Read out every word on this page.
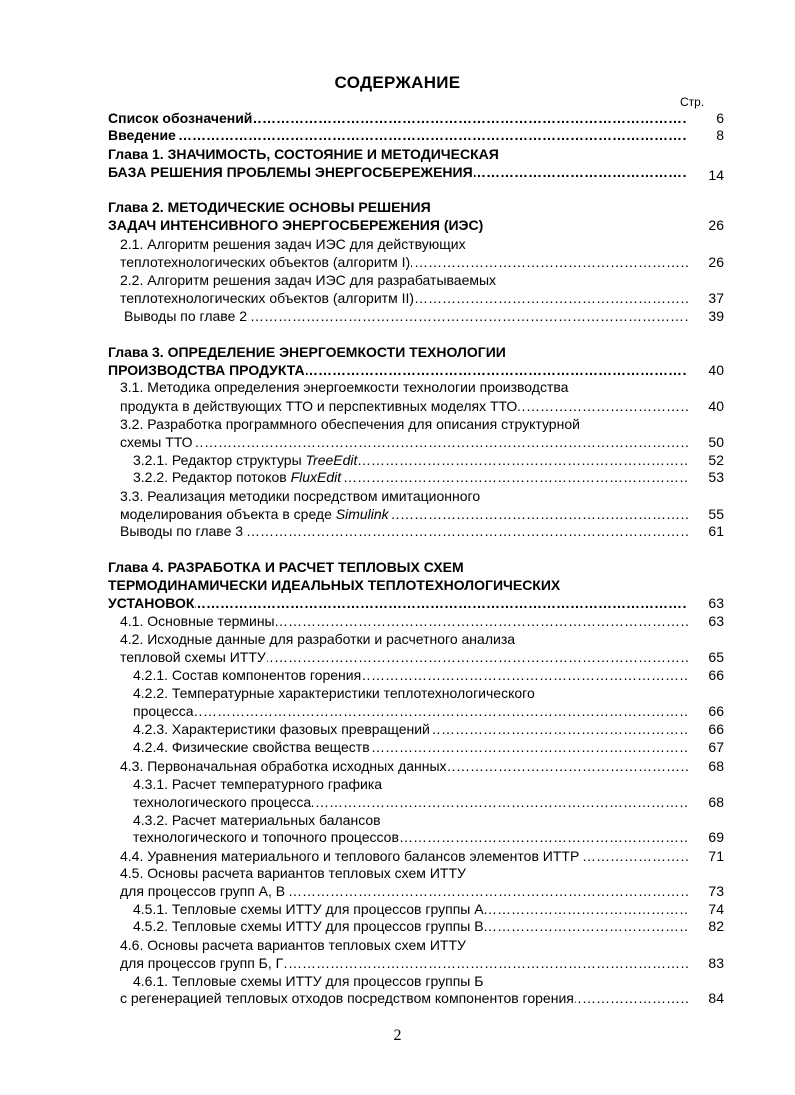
СОДЕРЖАНИЕ
Стр.
Список обозначений …………………………………………………………………………………………………………………………………………………………………………………………………………………………………	6
Введение …………………………………………………………………………………………………………………………………………………………………………………………………………………………………	8
Глава 1. ЗНАЧИМОСТЬ, СОСТОЯНИЕ И МЕТОДИЧЕСКАЯ
БАЗА РЕШЕНИЯ ПРОБЛЕМЫ ЭНЕРГОСБЕРЕЖЕНИЯ …………………………………………………………………………………………………………………………………………………………………………………………………………………………………	14
Глава 2. МЕТОДИЧЕСКИЕ ОСНОВЫ РЕШЕНИЯ
ЗАДАЧ ИНТЕНСИВНОГО ЭНЕРГОСБЕРЕЖЕНИЯ (ИЭС)	26
2.1. Алгоритм решения задач ИЭС для действующих
теплотехнологических объектов (алгоритм I) …………………………………………………………………………………………………………………………………………………………………………………………………………………………………	26
2.2. Алгоритм решения задач ИЭС для разрабатываемых
теплотехнологических объектов (алгоритм II) …………………………………………………………………………………………………………………………………………………………………………………………………………………………………	37
Выводы по главе 2 …………………………………………………………………………………………………………………………………………………………………………………………………………………………………	39
Глава 3. ОПРЕДЕЛЕНИЕ ЭНЕРГОЕМКОСТИ ТЕХНОЛОГИИ
ПРОИЗВОДСТВА ПРОДУКТА …………………………………………………………………………………………………………………………………………………………………………………………………………………………………	40
3.1. Методика определения энергоемкости технологии производства
продукта в действующих ТТО и перспективных моделях ТТО …………………………………………………………………………………………………………………………………………………………………………………………………………………………………	40
3.2. Разработка программного обеспечения для описания структурной
схемы ТТО …………………………………………………………………………………………………………………………………………………………………………………………………………………………………	50
3.2.1. Редактор структуры TreeEdit …………………………………………………………………………………………………………………………………………………………………………………………………………………………………	52
3.2.2. Редактор потоков FluxEdit …………………………………………………………………………………………………………………………………………………………………………………………………………………………………	53
3.3. Реализация методики посредством имитационного
моделирования объекта в среде Simulink …………………………………………………………………………………………………………………………………………………………………………………………………………………………………	55
Выводы по главе 3 …………………………………………………………………………………………………………………………………………………………………………………………………………………………………	61
Глава 4. РАЗРАБОТКА И РАСЧЕТ ТЕПЛОВЫХ СХЕМ
ТЕРМОДИНАМИЧЕСКИ ИДЕАЛЬНЫХ ТЕПЛОТЕХНОЛОГИЧЕСКИХ
УСТАНОВОК …………………………………………………………………………………………………………………………………………………………………………………………………………………………………	63
4.1. Основные термины …………………………………………………………………………………………………………………………………………………………………………………………………………………………………	63
4.2. Исходные данные для разработки и расчетного анализа
тепловой схемы ИТТУ …………………………………………………………………………………………………………………………………………………………………………………………………………………………………	65
4.2.1. Состав компонентов горения …………………………………………………………………………………………………………………………………………………………………………………………………………………………………	66
4.2.2. Температурные характеристики теплотехнологического
процесса …………………………………………………………………………………………………………………………………………………………………………………………………………………………………	66
4.2.3. Характеристики фазовых превращений …………………………………………………………………………………………………………………………………………………………………………………………………………………………………	66
4.2.4. Физические свойства веществ …………………………………………………………………………………………………………………………………………………………………………………………………………………………………	67
4.3. Первоначальная обработка исходных данных …………………………………………………………………………………………………………………………………………………………………………………………………………………………………	68
4.3.1. Расчет температурного графика
технологического процесса …………………………………………………………………………………………………………………………………………………………………………………………………………………………………	68
4.3.2. Расчет материальных балансов
технологического и топочного процессов …………………………………………………………………………………………………………………………………………………………………………………………………………………………………	69
4.4. Уравнения материального и теплового балансов элементов ИТТР …………………………………………………………………………………………………………………………………………………………………………………………………………………………………	71
4.5. Основы расчета вариантов тепловых схем ИТТУ
для процессов групп А, В …………………………………………………………………………………………………………………………………………………………………………………………………………………………………	73
4.5.1. Тепловые схемы ИТТУ для процессов группы А …………………………………………………………………………………………………………………………………………………………………………………………………………………………………	74
4.5.2. Тепловые схемы ИТТУ для процессов группы В …………………………………………………………………………………………………………………………………………………………………………………………………………………………………	82
4.6. Основы расчета вариантов тепловых схем ИТТУ
для процессов групп Б, Г …………………………………………………………………………………………………………………………………………………………………………………………………………………………………	83
4.6.1. Тепловые схемы ИТТУ для процессов группы Б
с регенерацией тепловых отходов посредством компонентов горения …………………………………………………………………………………………………………………………………………………………………………………………………………………………………	84
2
